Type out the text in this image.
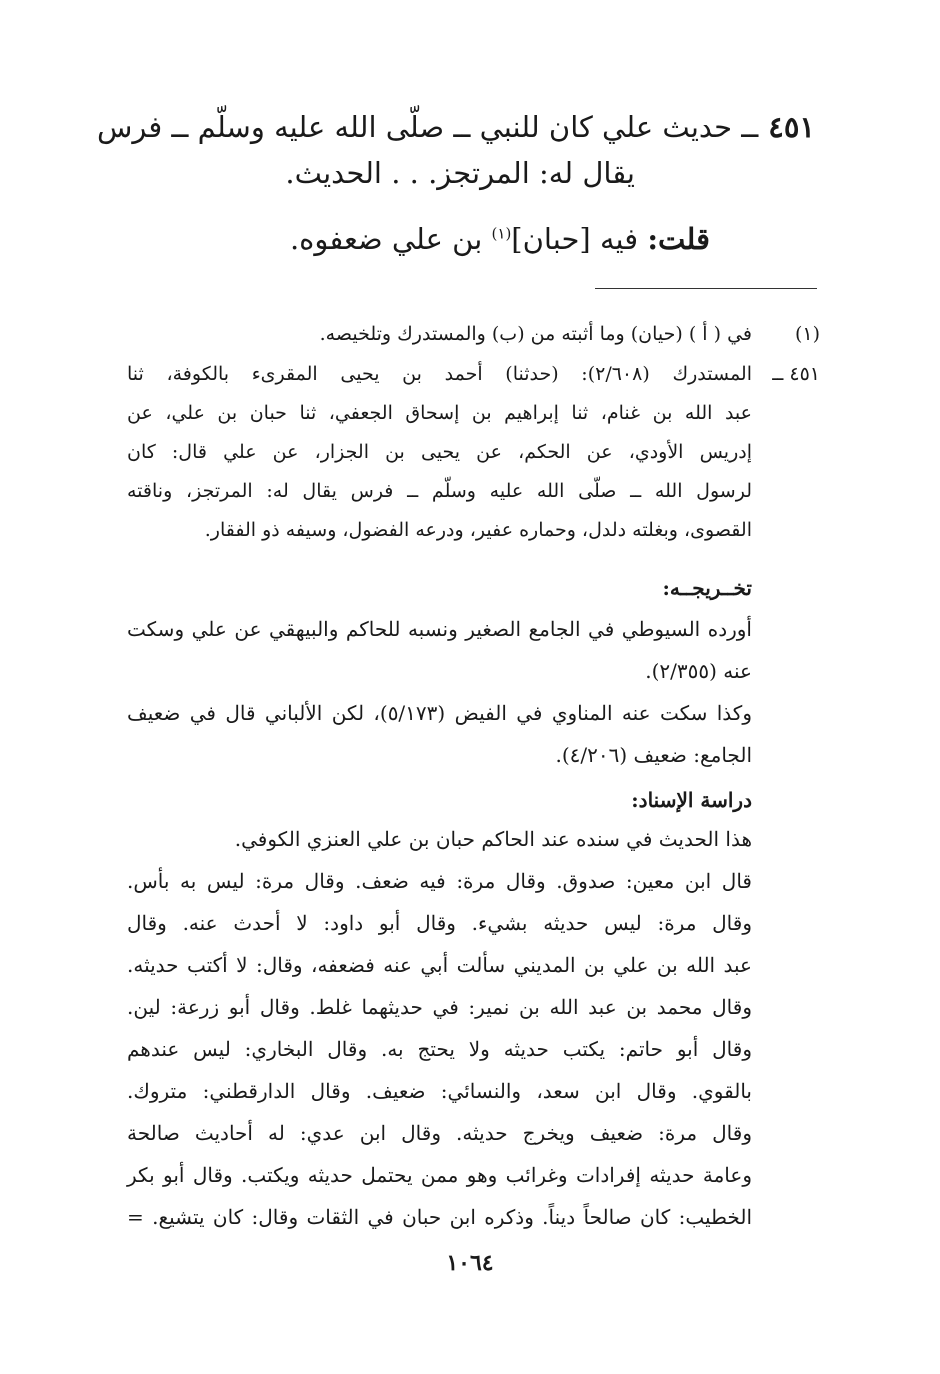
٤٥١ــ حديث علي كان للنبي ــ صلّى الله عليه وسلّم ــ فرس
يقال له: المرتجز. . . الحديث.
قلت: فيه [حبان]$^{(١)}$ بن علي ضعفوه.
(١)
في ( أ ) (حيان) وما أثبته من (ب) والمستدرك وتلخيصه.
٤٥١ ــ
المستدرك (٢/٦٠٨): (حدثنا) أحمد بن يحيى المقرىء بالكوفة، ثنا
عبد الله بن غنام، ثنا إبراهيم بن إسحاق الجعفي، ثنا حبان بن علي، عن
إدريس الأودي، عن الحكم، عن يحيى بن الجزار، عن علي قال: كان
لرسول الله ــ صلّى الله عليه وسلّم ــ فرس يقال له: المرتجز، وناقته
القصوى، وبغلته دلدل، وحماره عفير، ودرعه الفضول، وسيفه ذو الفقار.
تخــريجــه:
أورده السيوطي في الجامع الصغير ونسبه للحاكم والبيهقي عن علي وسكت
عنه (٢/٣٥٥).
وكذا سكت عنه المناوي في الفيض (٥/١٧٣)، لكن الألباني قال في ضعيف
الجامع: ضعيف (٤/٢٠٦).
دراسة الإسناد:
هذا الحديث في سنده عند الحاكم حبان بن علي العنزي الكوفي.
قال ابن معين: صدوق. وقال مرة: فيه ضعف. وقال مرة: ليس به بأس.
وقال مرة: ليس حديثه بشيء. وقال أبو داود: لا أحدث عنه. وقال
عبد الله بن علي بن المديني سألت أبي عنه فضعفه، وقال: لا أكتب حديثه.
وقال محمد بن عبد الله بن نمير: في حديثهما غلط. وقال أبو زرعة: لين.
وقال أبو حاتم: يكتب حديثه ولا يحتج به. وقال البخاري: ليس عندهم
بالقوي. وقال ابن سعد، والنسائي: ضعيف. وقال الدارقطني: متروك.
وقال مرة: ضعيف ويخرج حديثه. وقال ابن عدي: له أحاديث صالحة
وعامة حديثه إفرادات وغرائب وهو ممن يحتمل حديثه ويكتب. وقال أبو بكر
الخطيب: كان صالحاً ديناً. وذكره ابن حبان في الثقات وقال: كان يتشيع. =
١٠٦٤
